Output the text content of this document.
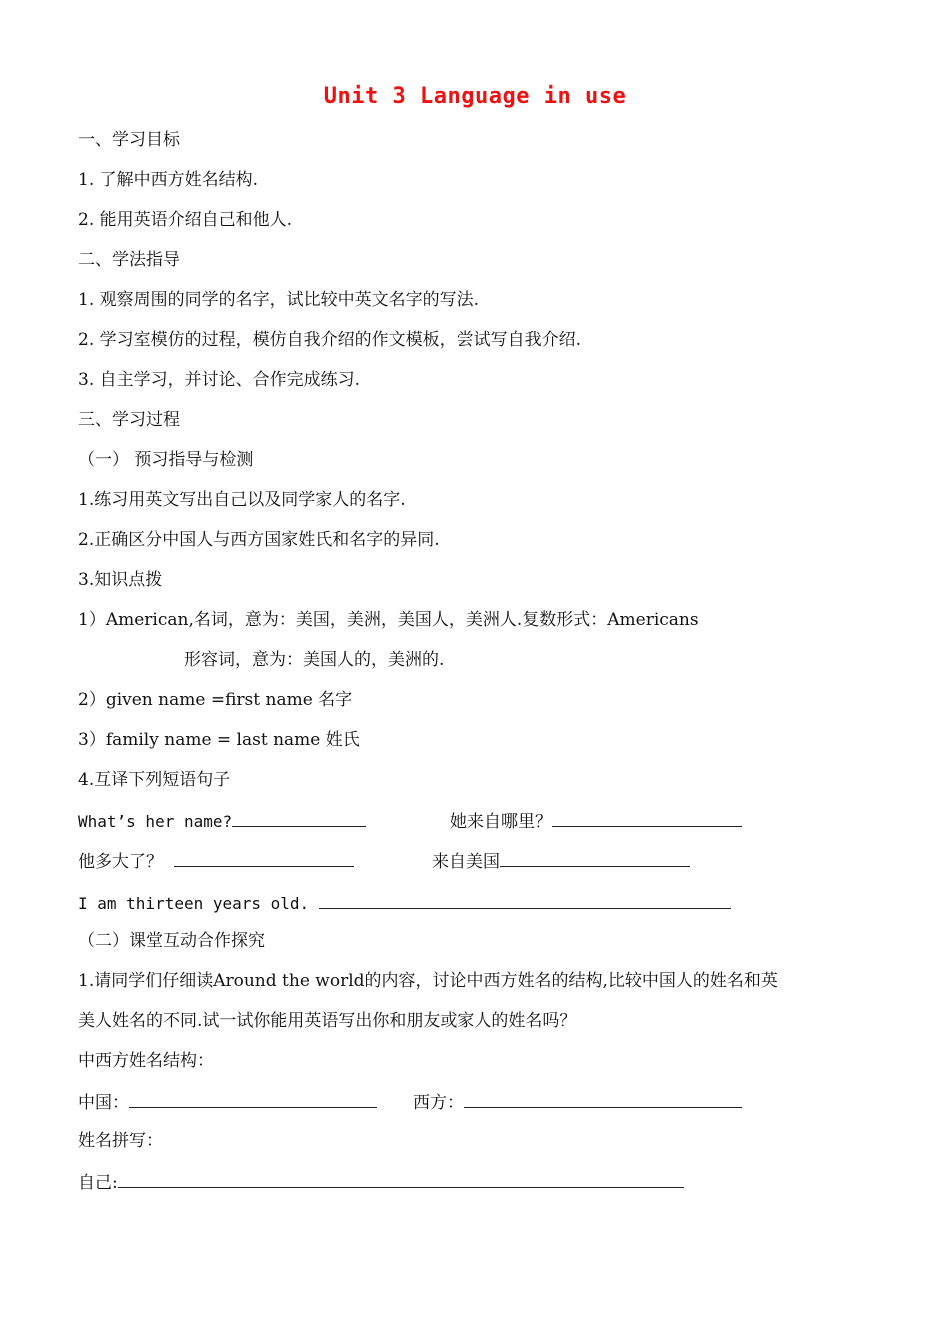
Unit 3 Language in use
一、学习目标
1. 了解中西方姓名结构.
2. 能用英语介绍自己和他人.
二、学法指导
1. 观察周围的同学的名字，试比较中英文名字的写法.
2. 学习室模仿的过程，模仿自我介绍的作文模板，尝试写自我介绍.
3. 自主学习，并讨论、合作完成练习.
三、学习过程
（一） 预习指导与检测
1.练习用英文写出自己以及同学家人的名字.
2.正确区分中国人与西方国家姓氏和名字的异同.
3.知识点拨
1）American,名词，意为：美国，美洲，美国人，美洲人.复数形式：Americans
形容词，意为：美国人的，美洲的.
2）given name =first name 名字
3）family name = last name 姓氏
4.互译下列短语句子
What’s her name?	她来自哪里？
他多大了？	来自美国
I am thirteen years old.
（二）课堂互动合作探究
1.请同学们仔细读Around the world的内容，讨论中西方姓名的结构,比较中国人的姓名和英
美人姓名的不同.试一试你能用英语写出你和朋友或家人的姓名吗？
中西方姓名结构：
中国：	西方：
姓名拼写：
自己:
